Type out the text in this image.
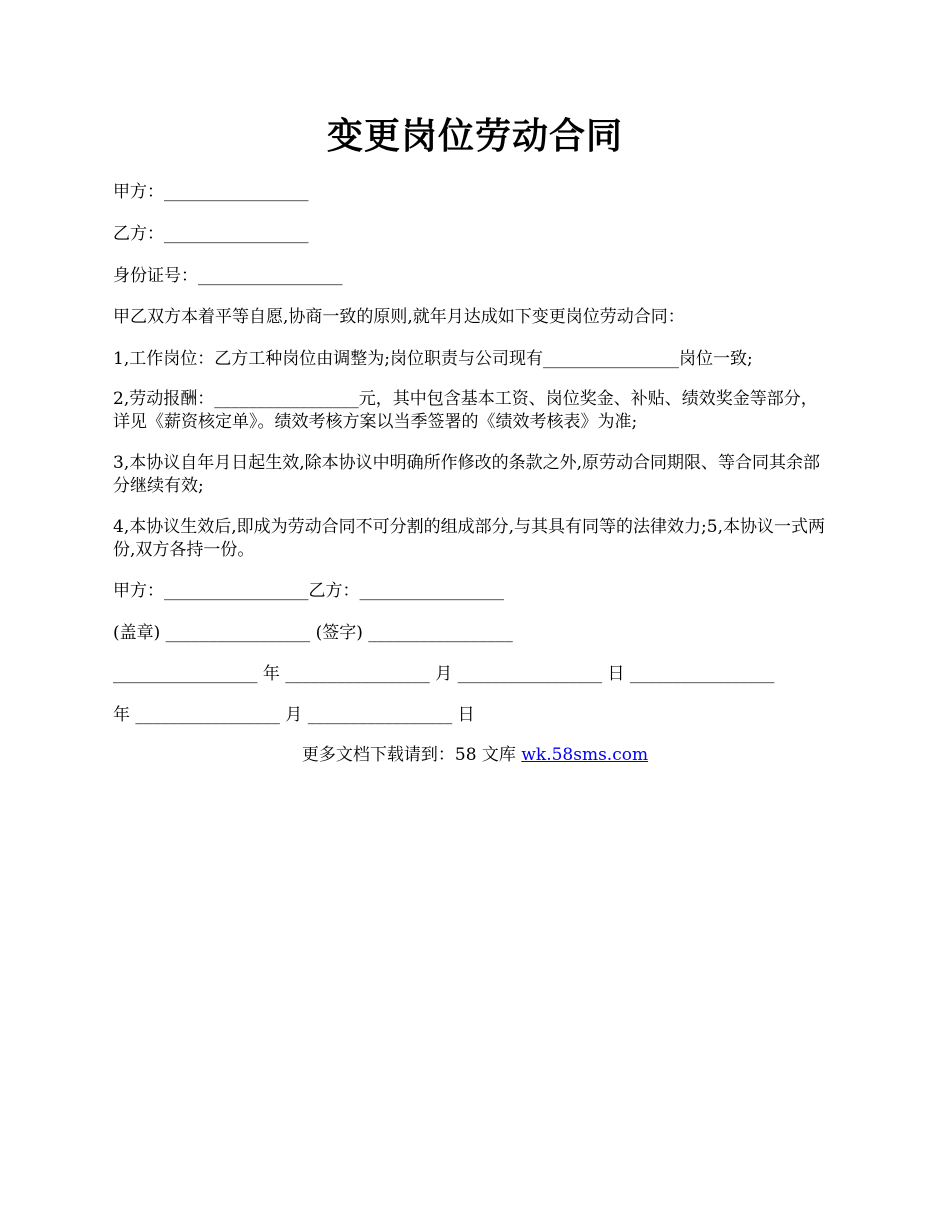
变更岗位劳动合同
甲方：_________________
乙方：_________________
身份证号：_________________
甲乙双方本着平等自愿,协商一致的原则,就年月达成如下变更岗位劳动合同：
1,工作岗位：乙方工种岗位由调整为;岗位职责与公司现有________________岗位一致;
2,劳动报酬：_________________元，其中包含基本工资、岗位奖金、补贴、绩效奖金等部分，详见《薪资核定单》。绩效考核方案以当季签署的《绩效考核表》为准;
3,本协议自年月日起生效,除本协议中明确所作修改的条款之外,原劳动合同期限、等合同其余部分继续有效;
4,本协议生效后,即成为劳动合同不可分割的组成部分,与其具有同等的法律效力;5,本协议一式两份,双方各持一份。
甲方：_________________乙方：_________________
(盖章) _________________ (签字) _________________
_________________ 年 _________________ 月 _________________ 日 _________________
年 _________________ 月 _________________ 日
更多文档下载请到：58 文库 wk.58sms.com
